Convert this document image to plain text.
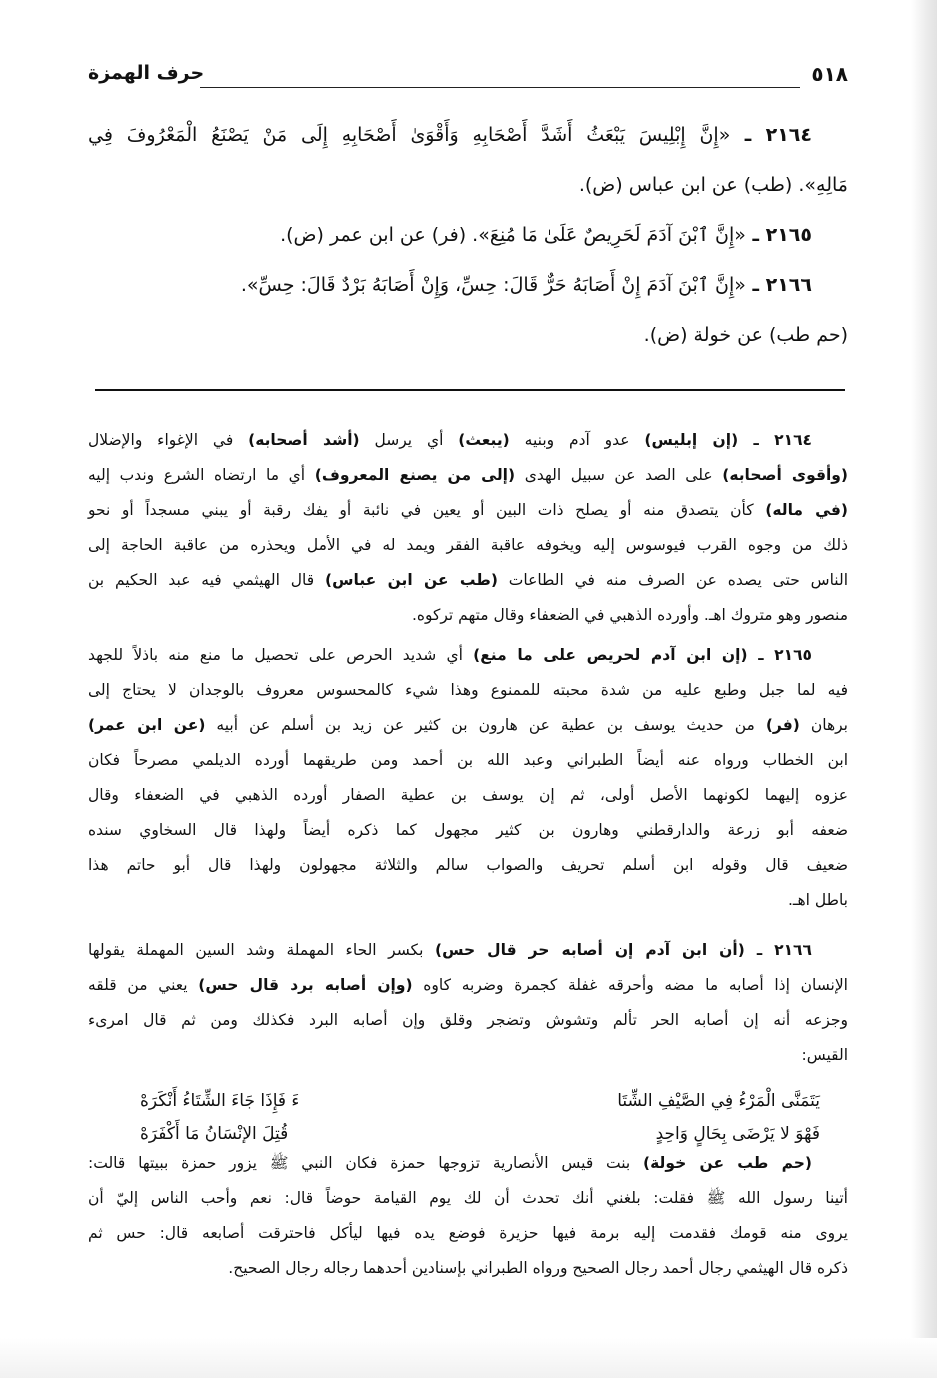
٥١٨
حرف الهمزة
٢١٦٤ ـ «إِنَّ إِبْلِيسَ يَبْعَثُ أَشَدَّ أَصْحَابِهِ وَأَقْوَىٰ أَصْحَابِهِ إِلَى مَنْ يَصْنَعُ الْمَعْرُوفَ فِي
مَالِهِ». (طب) عن ابن عباس (ض).
٢١٦٥ ـ «إِنَّ ٱبْنَ آدَمَ لَحَرِيصٌ عَلَىٰ مَا مُنِعَ». (فر) عن ابن عمر (ض).
٢١٦٦ ـ «إِنَّ ٱبْنَ آدَمَ إِنْ أَصَابَهُ حَرٌّ قَالَ: حِسِّ، وَإِنْ أَصَابَهُ بَرْدٌ قَالَ: حِسِّ».
(حم طب) عن خولة (ض).
٢١٦٤ ـ (إن إبليس) عدو آدم وبنيه (يبعث) أي يرسل (أشد أصحابه) في الإغواء والإضلال
(وأقوى أصحابه) على الصد عن سبيل الهدى (إلى من يصنع المعروف) أي ما ارتضاه الشرع وندب إليه
(في ماله) كأن يتصدق منه أو يصلح ذات البين أو يعين في نائبة أو يفك رقبة أو يبني مسجداً أو نحو
ذلك من وجوه القرب فيوسوس إليه ويخوفه عاقبة الفقر ويمد له في الأمل ويحذره من عاقبة الحاجة إلى
الناس حتى يصده عن الصرف منه في الطاعات (طب عن ابن عباس) قال الهيثمي فيه عبد الحكيم بن
منصور وهو متروك اهـ. وأورده الذهبي في الضعفاء وقال متهم تركوه.
٢١٦٥ ـ (إن ابن آدم لحريص على ما منع) أي شديد الحرص على تحصيل ما منع منه باذلاً للجهد
فيه لما جبل وطبع عليه من شدة محبته للممنوع وهذا شيء كالمحسوس معروف بالوجدان لا يحتاج إلى
برهان (فر) من حديث يوسف بن عطية عن هارون بن كثير عن زيد بن أسلم عن أبيه (عن ابن عمر)
ابن الخطاب ورواه عنه أيضاً الطبراني وعبد الله بن أحمد ومن طريقهما أورده الديلمي مصرحاً فكان
عزوه إليهما لكونهما الأصل أولى، ثم إن يوسف بن عطية الصفار أورده الذهبي في الضعفاء وقال
ضعفه أبو زرعة والدارقطني وهارون بن كثير مجهول كما ذكره أيضاً ولهذا قال السخاوي سنده
ضعيف قال وقوله ابن أسلم تحريف والصواب سالم والثلاثة مجهولون ولهذا قال أبو حاتم هذا
باطل اهـ.
٢١٦٦ ـ (أن ابن آدم إن أصابه حر قال حس) بكسر الحاء المهملة وشد السين المهملة يقولها
الإنسان إذا أصابه ما مضه وأحرقه غفلة كجمرة وضربه كاوه (وإن أصابه برد قال حس) يعني من قلقه
وجزعه أنه إن أصابه الحر تألم وتشوش وتضجر وقلق وإن أصابه البرد فكذلك ومن ثم قال امرىء
القيس:
يَتَمَنَّى الْمَرْءُ فِي الصَّيْفِ الشِّتَا
ءَ فَإِذَا جَاءَ الشِّتَاءُ أَنْكَرَهْ
فَهْوَ لا يَرْضَى بِحَالٍ وَاحِدٍ
قُتِلَ الإنْسَانُ مَا أَكْفَرَهْ
(حم طب عن خولة) بنت قيس الأنصارية تزوجها حمزة فكان النبي ﷺ يزور حمزة ببيتها قالت:
أتينا رسول الله ﷺ فقلت: بلغني أنك تحدث أن لك يوم القيامة حوضاً قال: نعم وأحب الناس إليّ أن
يروى منه قومك فقدمت إليه برمة فيها حزيرة فوضع يده فيها ليأكل فاحترقت أصابعه قال: حس ثم
ذكره قال الهيثمي رجال أحمد رجال الصحيح ورواه الطبراني بإسنادين أحدهما رجاله رجال الصحيح.
